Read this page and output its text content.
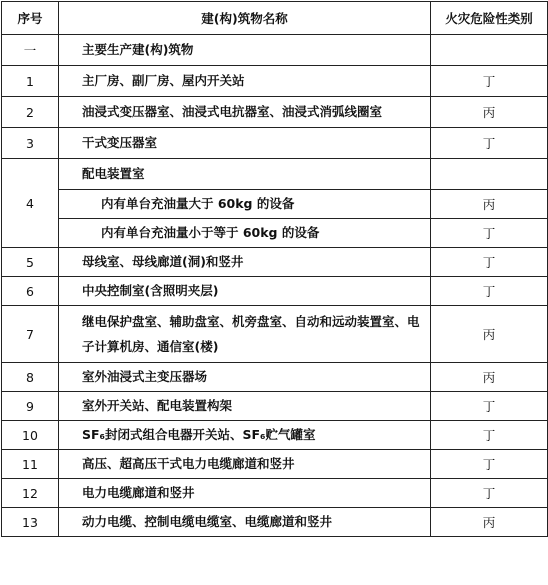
序号	建(构)筑物名称	火灾危险性类别
一	主要生产建(构)筑物	
1	主厂房、副厂房、屋内开关站	丁
2	油浸式变压器室、油浸式电抗器室、油浸式消弧线圈室	丙
3	干式变压器室	丁
4	配电装置室	
	内有单台充油量大于 60kg 的设备	丙
	内有单台充油量小于等于 60kg 的设备	丁
5	母线室、母线廊道(洞)和竖井	丁
6	中央控制室(含照明夹层)	丁
7	继电保护盘室、辅助盘室、机旁盘室、自动和远动装置室、电子计算机房、通信室(楼)	丙
8	室外油浸式主变压器场	丙
9	室外开关站、配电装置构架	丁
10	SF₆封闭式组合电器开关站、SF₆贮气罐室	丁
11	高压、超高压干式电力电缆廊道和竖井	丁
12	电力电缆廊道和竖井	丁
13	动力电缆、控制电缆电缆室、电缆廊道和竖井	丙
